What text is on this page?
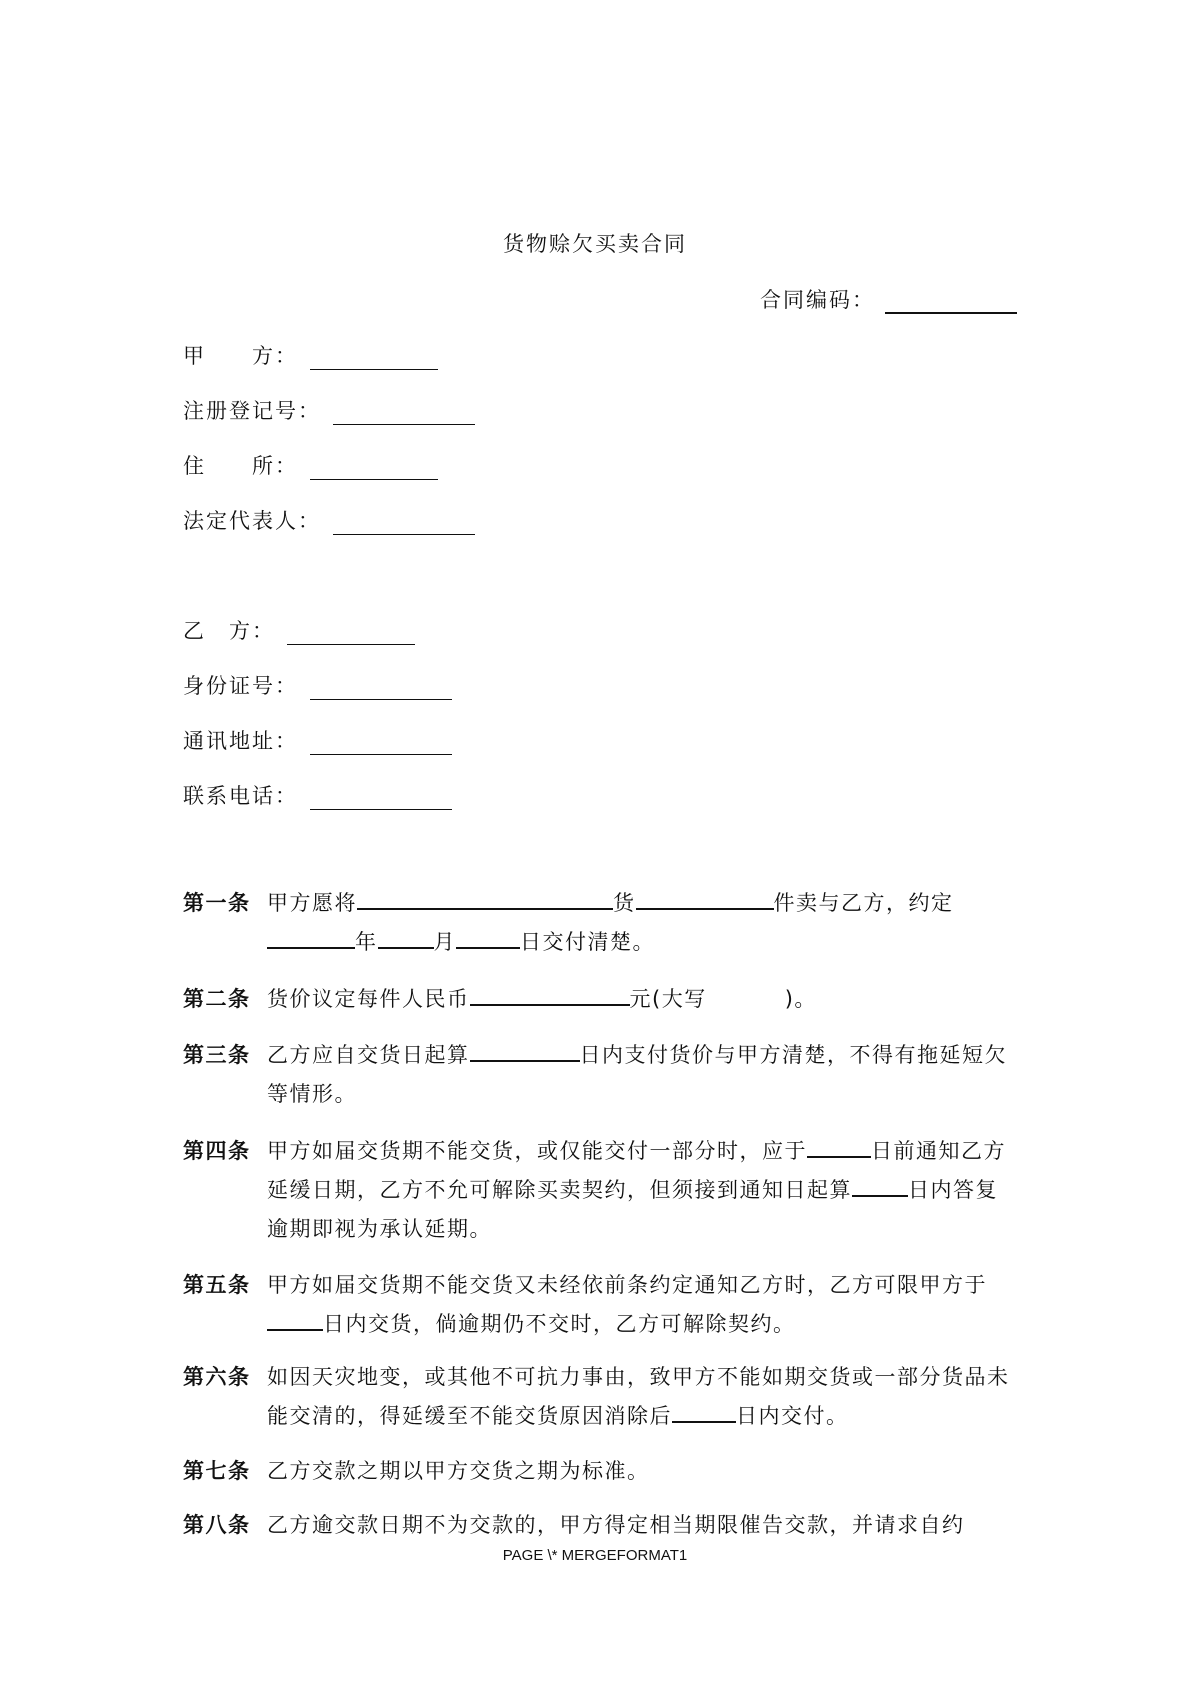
货物赊欠买卖合同
合同编码：
甲　　方：
注册登记号：
住　　所：
法定代表人：
乙　方：
身份证号：
通讯地址：
联系电话：
第一条 甲方愿将	货	件卖与乙方，约定年	月	日交付清楚。
第二条 货价议定每件人民币	元(大写	)。
第三条 乙方应自交货日起算	日内支付货价与甲方清楚，不得有拖延短欠等情形。
第四条 甲方如届交货期不能交货，或仅能交付一部分时，应于	日前通知乙方延缓日期，乙方不允可解除买卖契约，但须接到通知日起算	日内答复逾期即视为承认延期。
第五条 甲方如届交货期不能交货又未经依前条约定通知乙方时，乙方可限甲方于日内交货，倘逾期仍不交时，乙方可解除契约。
第六条 如因天灾地变，或其他不可抗力事由，致甲方不能如期交货或一部分货品未能交清的，得延缓至不能交货原因消除后	日内交付。
第七条 乙方交款之期以甲方交货之期为标准。
第八条 乙方逾交款日期不为交款的，甲方得定相当期限催告交款，并请求自约
PAGE \* MERGEFORMAT1
